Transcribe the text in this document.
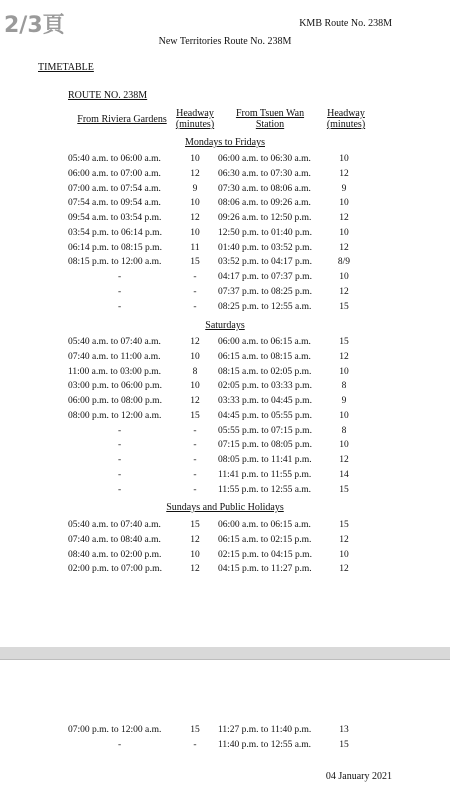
2/3頁	KMB Route No. 238M
New Territories Route No. 238M
TIMETABLE
ROUTE NO. 238M
From Riviera Gardens
Headway
(minutes)
From Tsuen Wan
Station
Headway
(minutes)
Mondays to Fridays
05:40 a.m. to 06:00 a.m.	10	06:00 a.m. to 06:30 a.m.	10
06:00 a.m. to 07:00 a.m.	12	06:30 a.m. to 07:30 a.m.	12
07:00 a.m. to 07:54 a.m.	9	07:30 a.m. to 08:06 a.m.	9
07:54 a.m. to 09:54 a.m.	10	08:06 a.m. to 09:26 a.m.	10
09:54 a.m. to 03:54 p.m.	12	09:26 a.m. to 12:50 p.m.	12
03:54 p.m. to 06:14 p.m.	10	12:50 p.m. to 01:40 p.m.	10
06:14 p.m. to 08:15 p.m.	11	01:40 p.m. to 03:52 p.m.	12
08:15 p.m. to 12:00 a.m.	15	03:52 p.m. to 04:17 p.m.	8/9
-	-	04:17 p.m. to 07:37 p.m.	10
-	-	07:37 p.m. to 08:25 p.m.	12
-	-	08:25 p.m. to 12:55 a.m.	15
Saturdays
05:40 a.m. to 07:40 a.m.	12	06:00 a.m. to 06:15 a.m.	15
07:40 a.m. to 11:00 a.m.	10	06:15 a.m. to 08:15 a.m.	12
11:00 a.m. to 03:00 p.m.	8	08:15 a.m. to 02:05 p.m.	10
03:00 p.m. to 06:00 p.m.	10	02:05 p.m. to 03:33 p.m.	8
06:00 p.m. to 08:00 p.m.	12	03:33 p.m. to 04:45 p.m.	9
08:00 p.m. to 12:00 a.m.	15	04:45 p.m. to 05:55 p.m.	10
-	-	05:55 p.m. to 07:15 p.m.	8
-	-	07:15 p.m. to 08:05 p.m.	10
-	-	08:05 p.m. to 11:41 p.m.	12
-	-	11:41 p.m. to 11:55 p.m.	14
-	-	11:55 p.m. to 12:55 a.m.	15
Sundays and Public Holidays
05:40 a.m. to 07:40 a.m.	15	06:00 a.m. to 06:15 a.m.	15
07:40 a.m. to 08:40 a.m.	12	06:15 a.m. to 02:15 p.m.	12
08:40 a.m. to 02:00 p.m.	10	02:15 p.m. to 04:15 p.m.	10
02:00 p.m. to 07:00 p.m.	12	04:15 p.m. to 11:27 p.m.	12
07:00 p.m. to 12:00 a.m.	15	11:27 p.m. to 11:40 p.m.	13
-	-	11:40 p.m. to 12:55 a.m.	15
04 January 2021
